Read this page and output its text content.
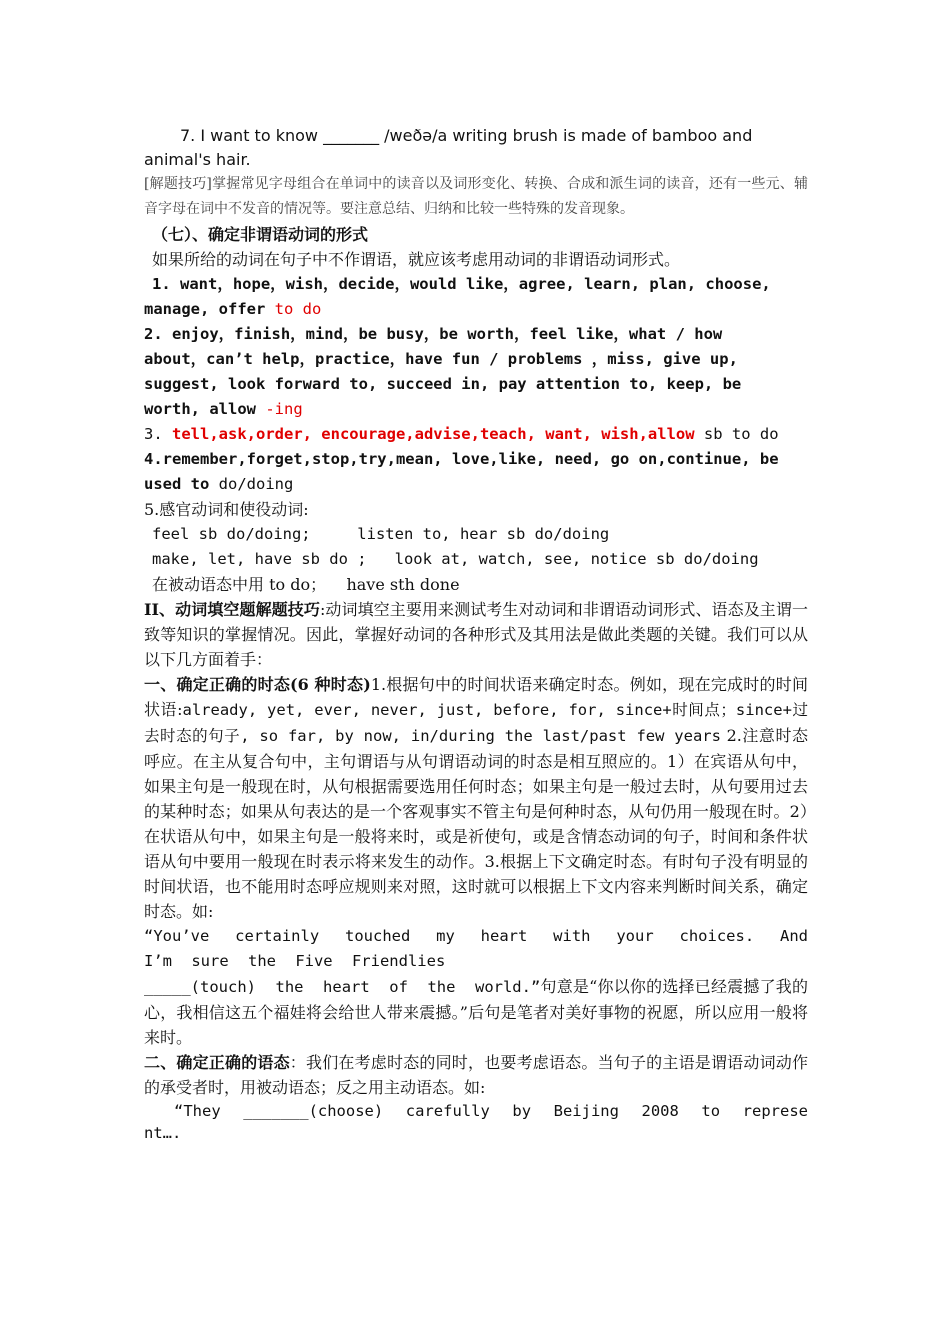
7. I want to know _______ /weðə/a writing brush is made of bamboo and

animal's hair.

[解题技巧]掌握常见字母组合在单词中的读音以及词形变化、转换、合成和派生词的读音，还有一些元、辅音字母在词中不发音的情况等。要注意总结、归纳和比较一些特殊的发音现象。

（七）、确定非谓语动词的形式

如果所给的动词在句子中不作谓语，就应该考虑用动词的非谓语动词形式。

1. want，hope，wish，decide，would like，agree, learn, plan, choose,

manage, offer to do

2. enjoy，finish，mind，be busy，be worth，feel like，what / how

about，can’t help，practice，have fun / problems ，miss, give up,

suggest, look forward to, succeed in, pay attention to, keep, be

worth, allow -ing

3. tell,ask,order, encourage,advise,teach, want, wish,allow sb to do

4.remember,forget,stop,try,mean, love,like, need, go on,continue, be

used to do/doing

5.感官动词和使役动词:

feel sb do/doing;     listen to, hear sb do/doing

make, let, have sb do ;   look at, watch, see, notice sb do/doing

在被动语态中用 to do；    have sth done

II、动词填空题解题技巧:动词填空主要用来测试考生对动词和非谓语动词形式、语态及主谓一致等知识的掌握情况。因此，掌握好动词的各种形式及其用法是做此类题的关键。我们可以从以下几方面着手：

一、确定正确的时态(6 种时态)1.根据句中的时间状语来确定时态。例如，现在完成时的时间状语:already, yet, ever, never, just, before, for, since+时间点；since+过去时态的句子, so far, by now, in/during the last/past few years 2.注意时态呼应。在主从复合句中，主句谓语与从句谓语动词的时态是相互照应的。1）在宾语从句中，如果主句是一般现在时，从句根据需要选用任何时态；如果主句是一般过去时，从句要用过去的某种时态；如果从句表达的是一个客观事实不管主句是何种时态，从句仍用一般现在时。2）在状语从句中，如果主句是一般将来时，或是祈使句，或是含情态动词的句子，时间和条件状语从句中要用一般现在时表示将来发生的动作。3.根据上下文确定时态。有时句子没有明显的时间状语，也不能用时态呼应规则来对照，这时就可以根据上下文内容来判断时间关系，确定时态。如:

“You’ve certainly touched my heart with your choices. And

I’m sure the Five Friendlies

_____(touch) the heart of the world.”句意是“你以你的选择已经震撼了我的心，我相信这五个福娃将会给世人带来震撼。”后句是笔者对美好事物的祝愿，所以应用一般将来时。

二、确定正确的语态：我们在考虑时态的同时，也要考虑语态。当句子的主语是谓语动词动作的承受者时，用被动语态；反之用主动语态。如:

“They _______(choose) carefully by Beijing 2008 to represe

nt….
